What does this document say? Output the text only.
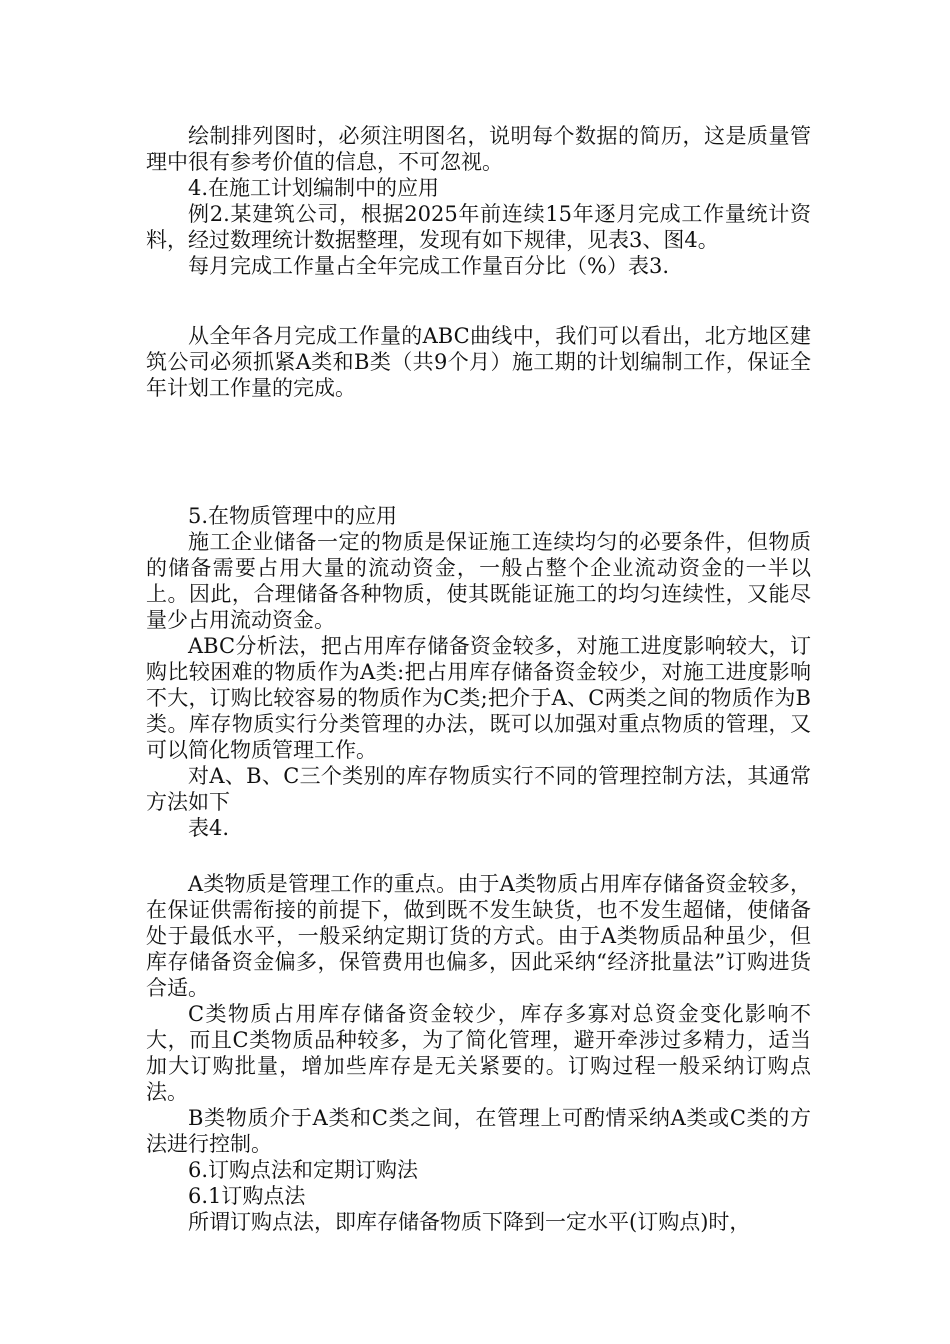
绘制排列图时，必须注明图名，说明每个数据的简历，这是质量管理中很有参考价值的信息，不可忽视。

4.在施工计划编制中的应用

例2.某建筑公司，根据2025年前连续15年逐月完成工作量统计资料，经过数理统计数据整理，发现有如下规律，见表3、图4。

每月完成工作量占全年完成工作量百分比（%）表3.

从全年各月完成工作量的ABC曲线中，我们可以看出，北方地区建筑公司必须抓紧A类和B类（共9个月）施工期的计划编制工作，保证全年计划工作量的完成。

5.在物质管理中的应用

施工企业储备一定的物质是保证施工连续均匀的必要条件，但物质的储备需要占用大量的流动资金，一般占整个企业流动资金的一半以上。因此，合理储备各种物质，使其既能证施工的均匀连续性，又能尽量少占用流动资金。

ABC分析法，把占用库存储备资金较多，对施工进度影响较大，订购比较困难的物质作为A类:把占用库存储备资金较少，对施工进度影响不大，订购比较容易的物质作为C类;把介于A、C两类之间的物质作为B类。库存物质实行分类管理的办法，既可以加强对重点物质的管理，又可以简化物质管理工作。

对A、B、C三个类别的库存物质实行不同的管理控制方法，其通常方法如下

表4.

A类物质是管理工作的重点。由于A类物质占用库存储备资金较多，在保证供需衔接的前提下，做到既不发生缺货，也不发生超储，使储备处于最低水平，一般采纳定期订货的方式。由于A类物质品种虽少，但库存储备资金偏多，保管费用也偏多，因此采纳“经济批量法”订购进货合适。

C类物质占用库存储备资金较少，库存多寡对总资金变化影响不大，而且C类物质品种较多，为了简化管理，避开牵涉过多精力，适当加大订购批量，增加些库存是无关紧要的。订购过程一般采纳订购点法。

B类物质介于A类和C类之间，在管理上可酌情采纳A类或C类的方法进行控制。

6.订购点法和定期订购法

6.1订购点法

所谓订购点法，即库存储备物质下降到一定水平(订购点)时，
